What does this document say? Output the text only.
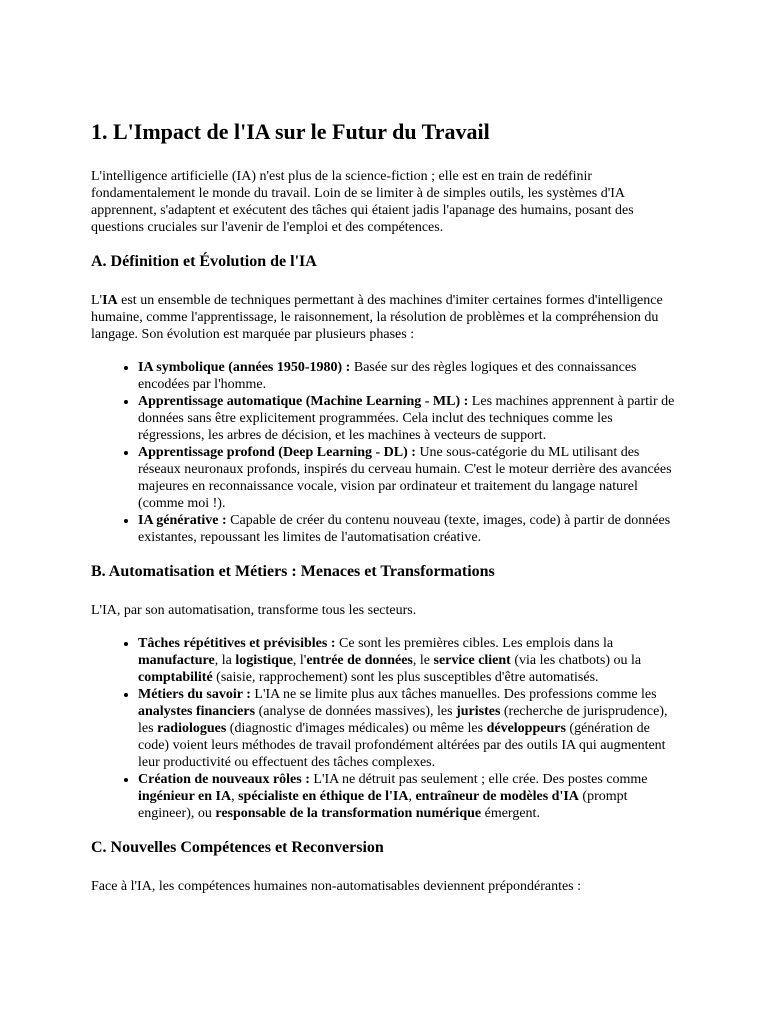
1. L'Impact de l'IA sur le Futur du Travail

L'intelligence artificielle (IA) n'est plus de la science-fiction ; elle est en train de redéfinir fondamentalement le monde du travail. Loin de se limiter à de simples outils, les systèmes d'IA apprennent, s'adaptent et exécutent des tâches qui étaient jadis l'apanage des humains, posant des questions cruciales sur l'avenir de l'emploi et des compétences.

A. Définition et Évolution de l'IA

L'IA est un ensemble de techniques permettant à des machines d'imiter certaines formes d'intelligence humaine, comme l'apprentissage, le raisonnement, la résolution de problèmes et la compréhension du langage. Son évolution est marquée par plusieurs phases :

• IA symbolique (années 1950-1980) : Basée sur des règles logiques et des connaissances encodées par l'homme.
• Apprentissage automatique (Machine Learning - ML) : Les machines apprennent à partir de données sans être explicitement programmées. Cela inclut des techniques comme les régressions, les arbres de décision, et les machines à vecteurs de support.
• Apprentissage profond (Deep Learning - DL) : Une sous-catégorie du ML utilisant des réseaux neuronaux profonds, inspirés du cerveau humain. C'est le moteur derrière des avancées majeures en reconnaissance vocale, vision par ordinateur et traitement du langage naturel (comme moi !).
• IA générative : Capable de créer du contenu nouveau (texte, images, code) à partir de données existantes, repoussant les limites de l'automatisation créative.
B. Automatisation et Métiers : Menaces et Transformations

L'IA, par son automatisation, transforme tous les secteurs.

• Tâches répétitives et prévisibles : Ce sont les premières cibles. Les emplois dans la manufacture, la logistique, l'entrée de données, le service client (via les chatbots) ou la comptabilité (saisie, rapprochement) sont les plus susceptibles d'être automatisés.
• Métiers du savoir : L'IA ne se limite plus aux tâches manuelles. Des professions comme les analystes financiers (analyse de données massives), les juristes (recherche de jurisprudence), les radiologues (diagnostic d'images médicales) ou même les développeurs (génération de code) voient leurs méthodes de travail profondément altérées par des outils IA qui augmentent leur productivité ou effectuent des tâches complexes.
• Création de nouveaux rôles : L'IA ne détruit pas seulement ; elle crée. Des postes comme ingénieur en IA, spécialiste en éthique de l'IA, entraîneur de modèles d'IA (prompt engineer), ou responsable de la transformation numérique émergent.
C. Nouvelles Compétences et Reconversion

Face à l'IA, les compétences humaines non-automatisables deviennent prépondérantes :
